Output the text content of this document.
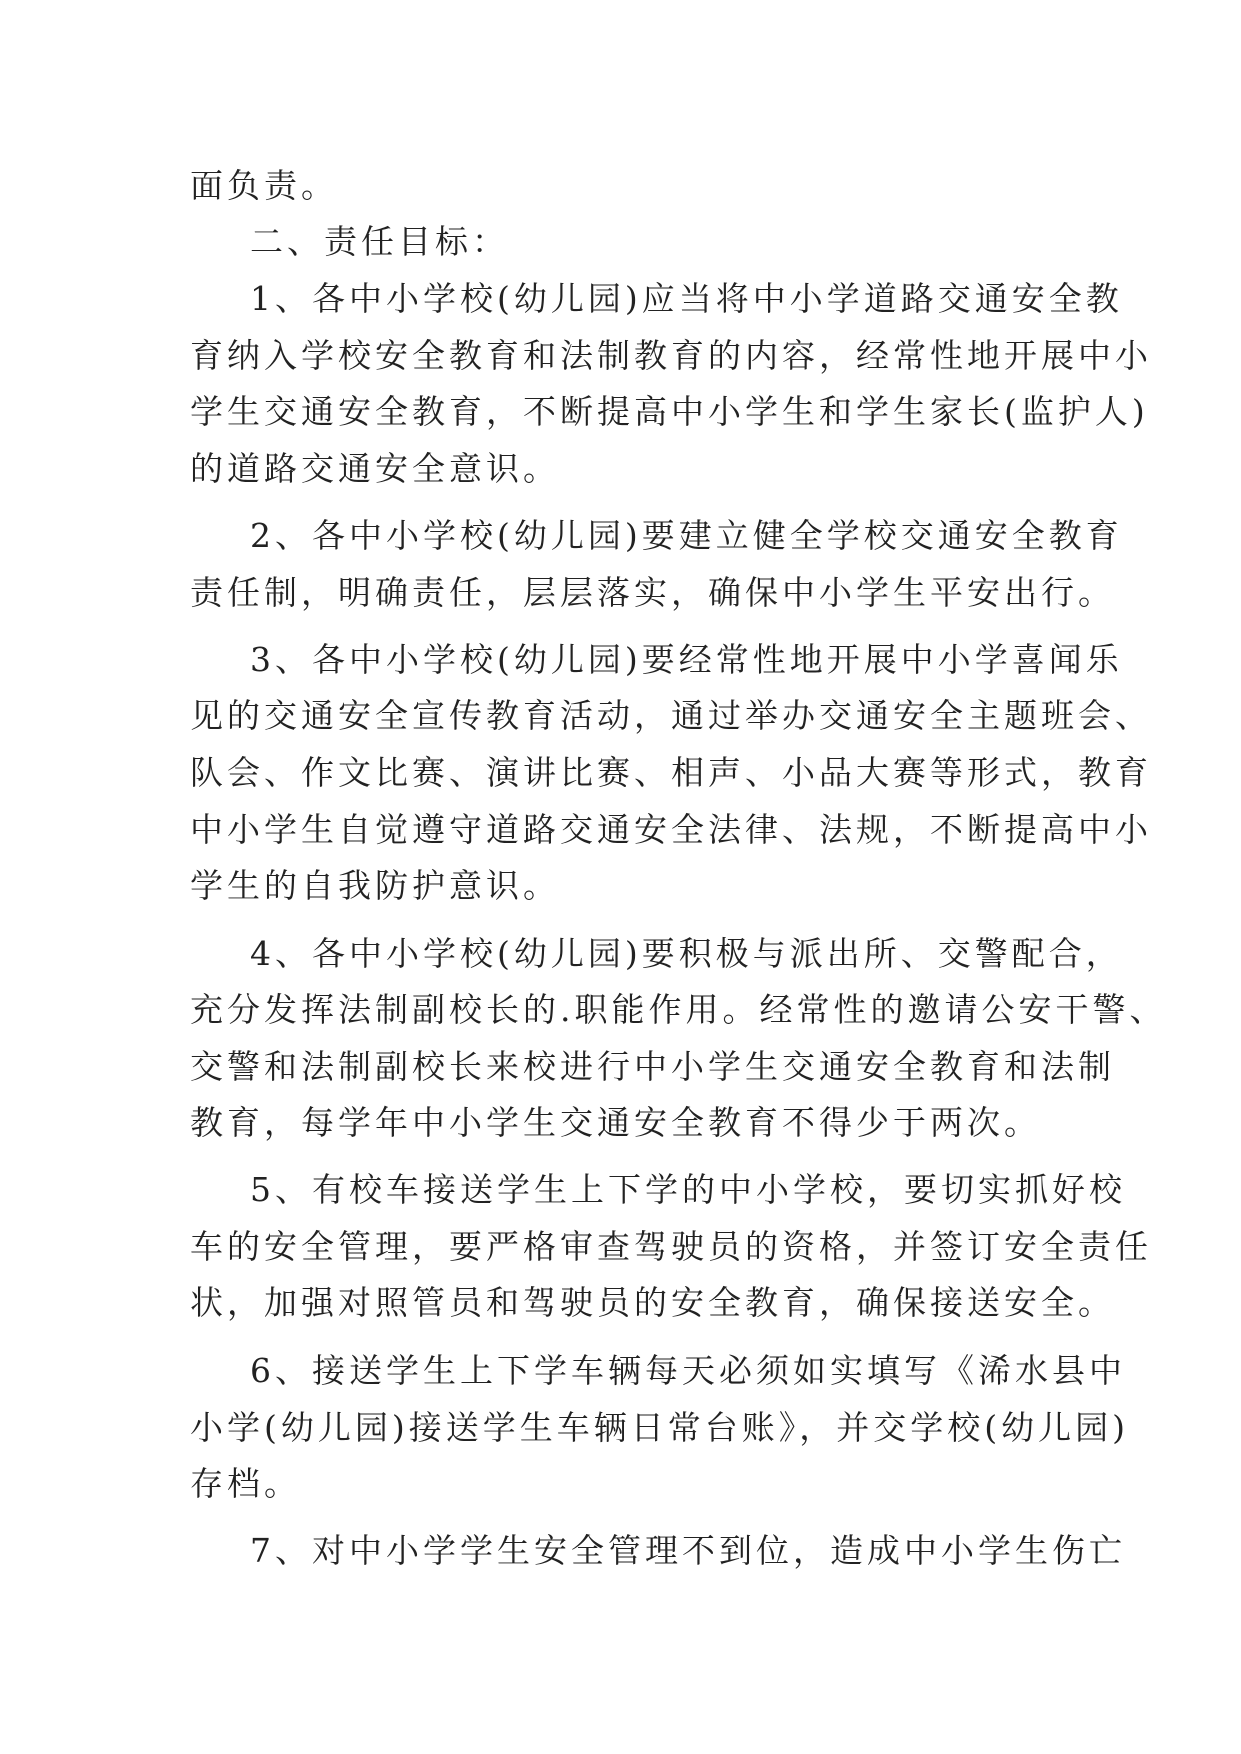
面负责。
二、责任目标：
1、各中小学校(幼儿园)应当将中小学道路交通安全教
育纳入学校安全教育和法制教育的内容，经常性地开展中小
学生交通安全教育，不断提高中小学生和学生家长(监护人)
的道路交通安全意识。
2、各中小学校(幼儿园)要建立健全学校交通安全教育
责任制，明确责任，层层落实，确保中小学生平安出行。
3、各中小学校(幼儿园)要经常性地开展中小学喜闻乐
见的交通安全宣传教育活动，通过举办交通安全主题班会、
队会、作文比赛、演讲比赛、相声、小品大赛等形式，教育
中小学生自觉遵守道路交通安全法律、法规，不断提高中小
学生的自我防护意识。
4、各中小学校(幼儿园)要积极与派出所、交警配合，
充分发挥法制副校长的.职能作用。经常性的邀请公安干警、
交警和法制副校长来校进行中小学生交通安全教育和法制
教育，每学年中小学生交通安全教育不得少于两次。
5、有校车接送学生上下学的中小学校，要切实抓好校
车的安全管理，要严格审查驾驶员的资格，并签订安全责任
状，加强对照管员和驾驶员的安全教育，确保接送安全。
6、接送学生上下学车辆每天必须如实填写《浠水县中
小学(幼儿园)接送学生车辆日常台账》，并交学校(幼儿园)
存档。
7、对中小学学生安全管理不到位，造成中小学生伤亡
